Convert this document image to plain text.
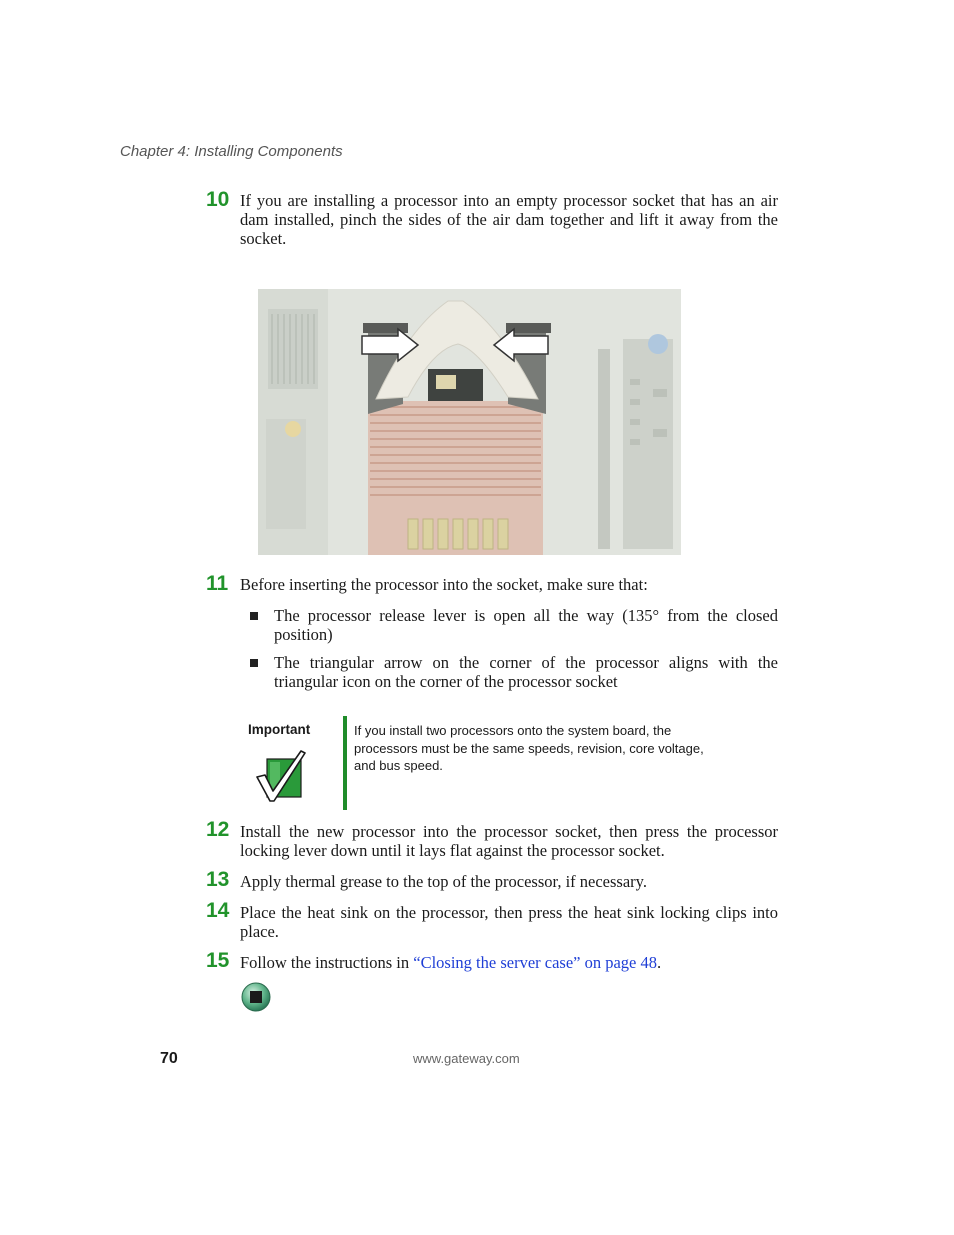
Chapter 4: Installing Components
10 If you are installing a processor into an empty processor socket that has an air dam installed, pinch the sides of the air dam together and lift it away from the socket.
11 Before inserting the processor into the socket, make sure that:
The processor release lever is open all the way (135° from the closed position)
The triangular arrow on the corner of the processor aligns with the triangular icon on the corner of the processor socket
Important	If you install two processors onto the system board, the processors must be the same speeds, revision, core voltage, and bus speed.
12 Install the new processor into the processor socket, then press the processor locking lever down until it lays flat against the processor socket.
13 Apply thermal grease to the top of the processor, if necessary.
14 Place the heat sink on the processor, then press the heat sink locking clips into place.
15 Follow the instructions in “Closing the server case” on page 48.
70	www.gateway.com
